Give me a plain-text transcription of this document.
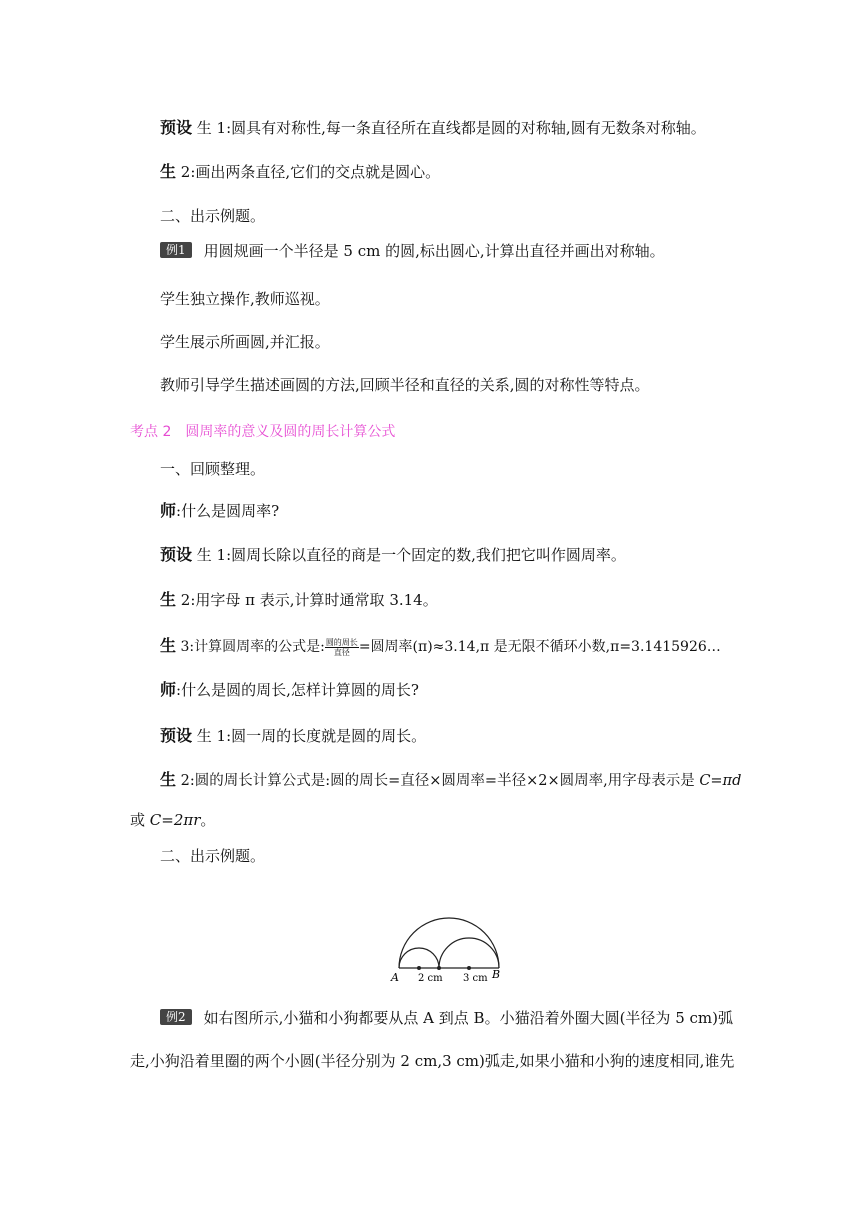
预设 生 1:圆具有对称性,每一条直径所在直线都是圆的对称轴,圆有无数条对称轴。
生 2:画出两条直径,它们的交点就是圆心。
二、出示例题。
例1 用圆规画一个半径是 5 cm 的圆,标出圆心,计算出直径并画出对称轴。
学生独立操作,教师巡视。
学生展示所画圆,并汇报。
教师引导学生描述画圆的方法,回顾半径和直径的关系,圆的对称性等特点。
考点 2　圆周率的意义及圆的周长计算公式
一、回顾整理。
师:什么是圆周率?
预设 生 1:圆周长除以直径的商是一个固定的数,我们把它叫作圆周率。
生 2:用字母 π 表示,计算时通常取 3.14。
生 3:计算圆周率的公式是: $\frac{\text{圆的周长}}{\text{直径}}$ =圆周率(π)≈3.14,π 是无限不循环小数,π=3.1415926…
师:什么是圆的周长,怎样计算圆的周长?
预设 生 1:圆一周的长度就是圆的周长。
生 2:圆的周长计算公式是:圆的周长=直径×圆周率=半径×2×圆周率,用字母表示是 C=πd
或 C=2πr。
二、出示例题。
A 2 cm 3 cm B
例2 如右图所示,小猫和小狗都要从点 A 到点 B。小猫沿着外圈大圆(半径为 5 cm)弧
走,小狗沿着里圈的两个小圆(半径分别为 2 cm,3 cm)弧走,如果小猫和小狗的速度相同,谁先
